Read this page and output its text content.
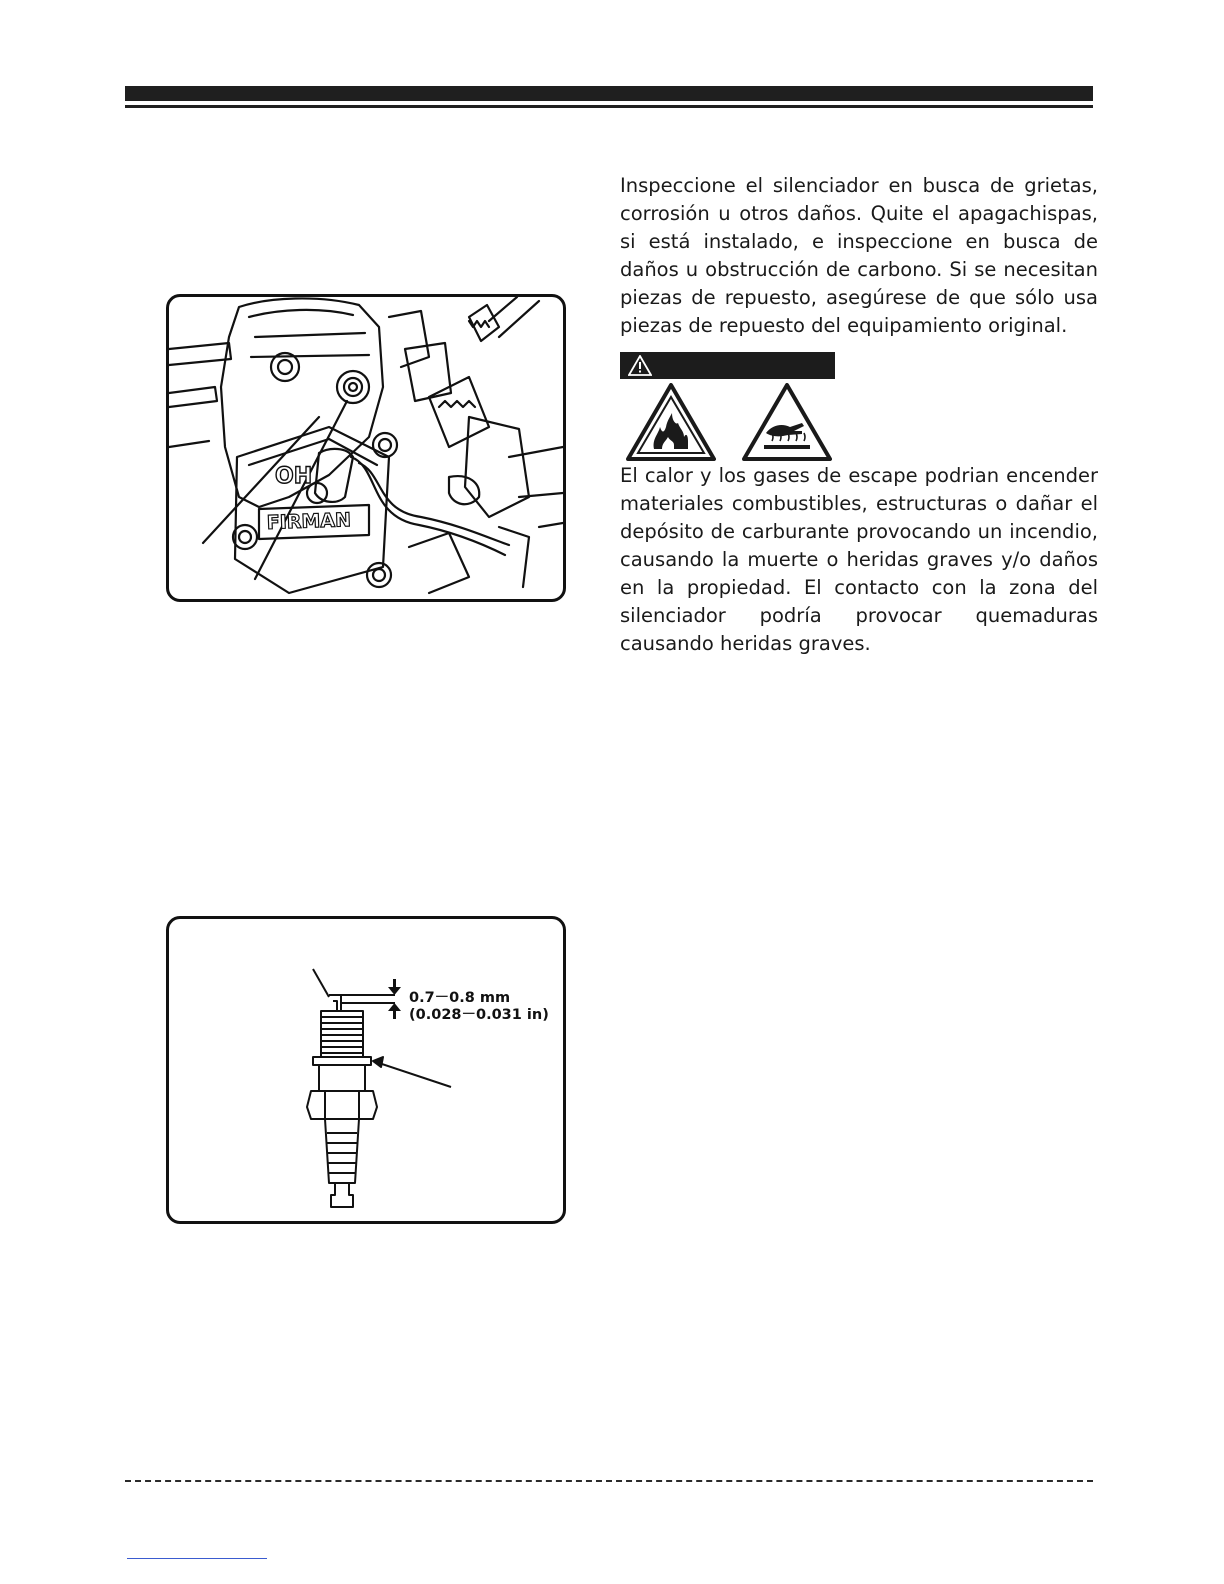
Inspeccione el silenciador en busca de grietas, corrosión u otros daños. Quite el apagachispas, si está instalado, e inspeccione en busca de daños u obstrucción de carbono. Si se necesitan piezas de repuesto, asegúrese de que sólo usa piezas de repuesto del equipamiento original.
El calor y los gases de escape podrian encender materiales combustibles, estructuras o dañar el depósito de carburante provocando un incendio, causando la muerte o heridas graves y/o daños en la propiedad. El contacto con la zona del silenciador podría provocar quemaduras causando heridas graves.
OH
FIRMAN
0.7－0.8 mm
(0.028－0.031 in)
